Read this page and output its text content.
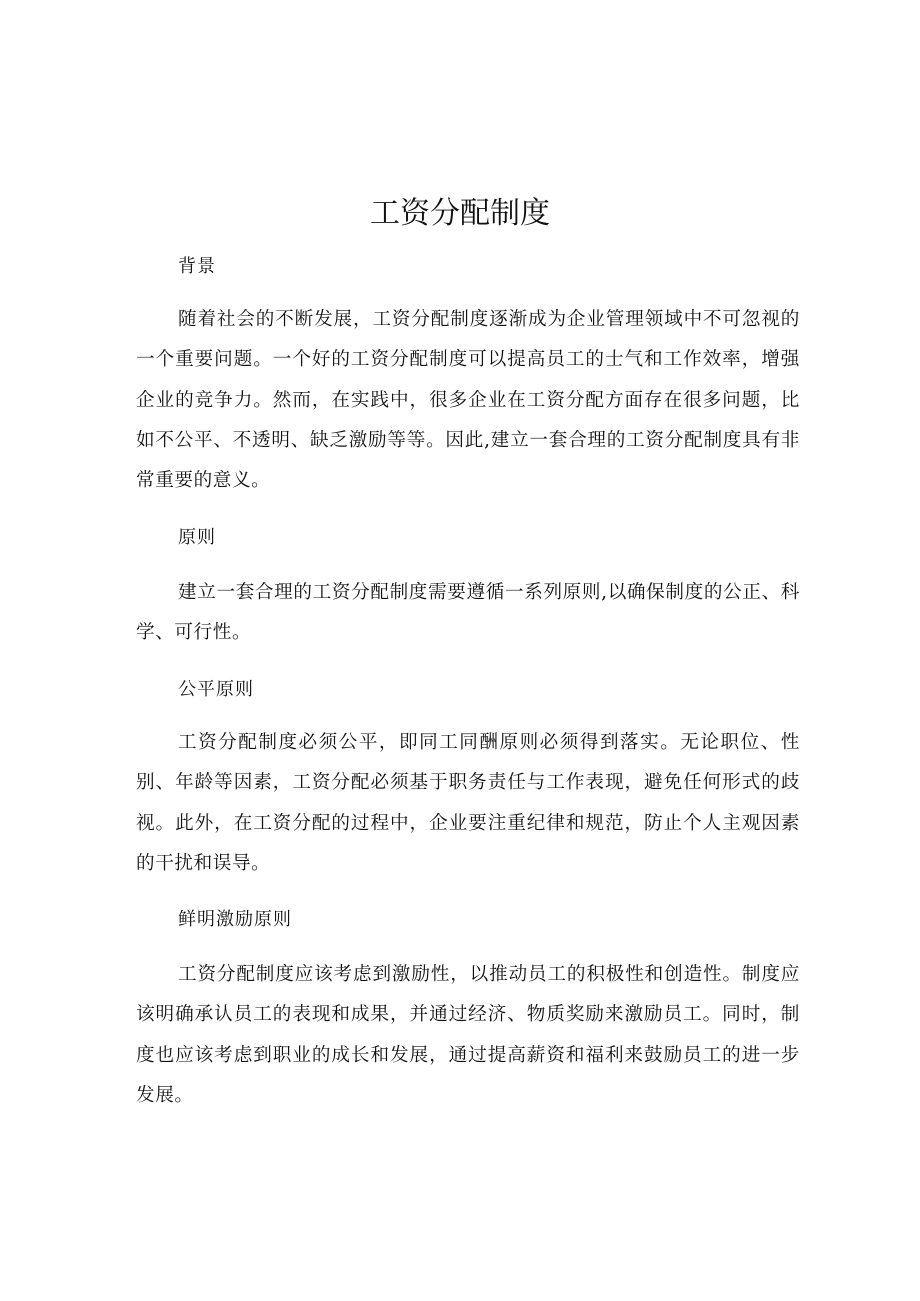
工资分配制度
背景

随着社会的不断发展，工资分配制度逐渐成为企业管理领域中不可忽视的一个重要问题。一个好的工资分配制度可以提高员工的士气和工作效率，增强企业的竞争力。然而，在实践中，很多企业在工资分配方面存在很多问题，比如不公平、不透明、缺乏激励等等。因此,建立一套合理的工资分配制度具有非常重要的意义。

原则

建立一套合理的工资分配制度需要遵循一系列原则,以确保制度的公正、科学、可行性。

公平原则

工资分配制度必须公平，即同工同酬原则必须得到落实。无论职位、性别、年龄等因素，工资分配必须基于职务责任与工作表现，避免任何形式的歧视。此外，在工资分配的过程中，企业要注重纪律和规范，防止个人主观因素的干扰和误导。

鲜明激励原则

工资分配制度应该考虑到激励性，以推动员工的积极性和创造性。制度应该明确承认员工的表现和成果，并通过经济、物质奖励来激励员工。同时，制度也应该考虑到职业的成长和发展，通过提高薪资和福利来鼓励员工的进一步发展。
